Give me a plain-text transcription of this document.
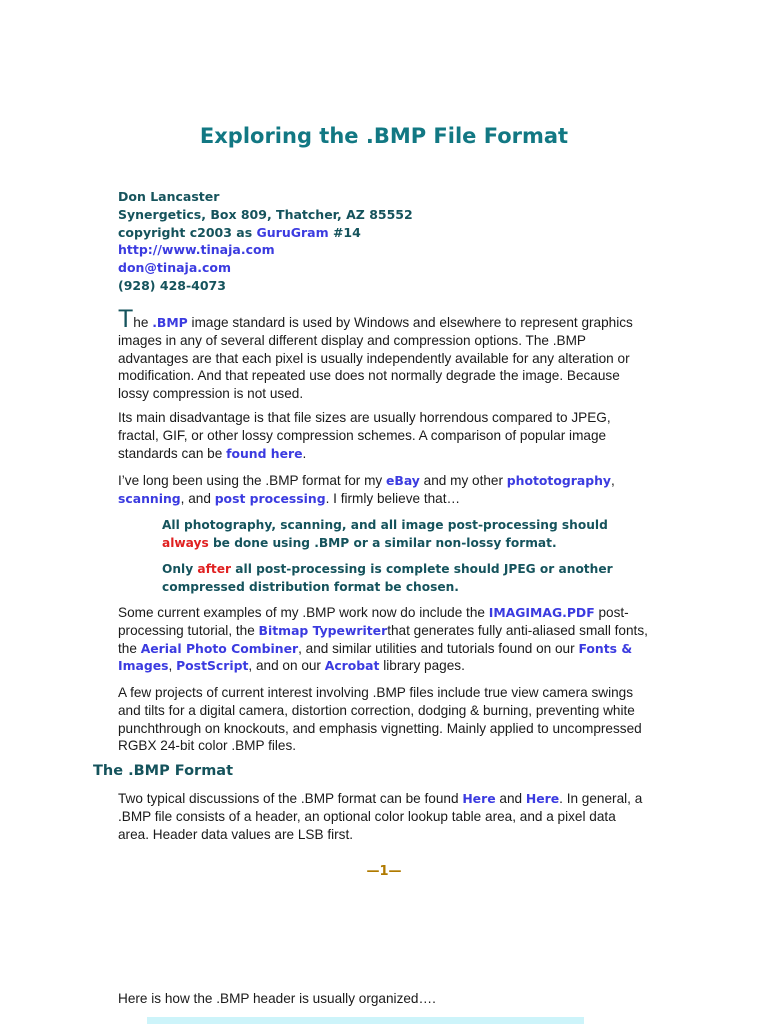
Exploring the .BMP File Format
Don Lancaster
Synergetics, Box 809, Thatcher, AZ 85552
copyright c2003 as GuruGram #14
http://www.tinaja.com
don@tinaja.com
(928) 428-4073

The .BMP image standard is used by Windows and elsewhere to represent graphics images in any of several different display and compression options. The .BMP advantages are that each pixel is usually independently available for any alteration or modification. And that repeated use does not normally degrade the image. Because lossy compression is not used.

Its main disadvantage is that file sizes are usually horrendous compared to JPEG, fractal, GIF, or other lossy compression schemes. A comparison of popular image standards can be found here.

I’ve long been using the .BMP format for my eBay and my other phototography, scanning, and post processing. I firmly believe that…

All photography, scanning, and all image post-processing should always be done using .BMP or a similar non-lossy format.

Only after all post-processing is complete should JPEG or another compressed distribution format be chosen.

Some current examples of my .BMP work now do include the IMAGIMAG.PDF post-processing tutorial, the Bitmap Typewriterthat generates fully anti-aliased small fonts, the Aerial Photo Combiner, and similar utilities and tutorials found on our Fonts & Images, PostScript, and on our Acrobat library pages.

A few projects of current interest involving .BMP files include true view camera swings and tilts for a digital camera, distortion correction, dodging & burning, preventing white punchthrough on knockouts, and emphasis vignetting. Mainly applied to uncompressed RGBX 24-bit color .BMP files.

The .BMP Format

Two typical discussions of the .BMP format can be found Here and Here. In general, a .BMP file consists of a header, an optional color lookup table area, and a pixel data area. Header data values are LSB first.

—1—

Here is how the .BMP header is usually organized….
